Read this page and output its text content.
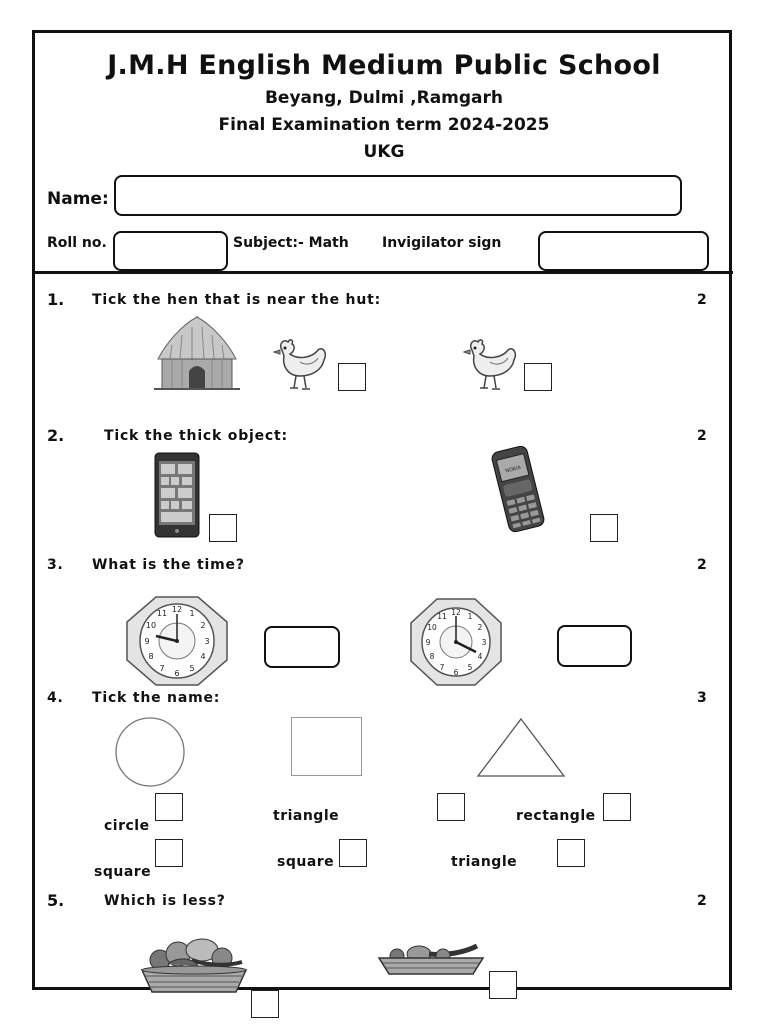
J.M.H English Medium Public School
Beyang, Dulmi ,Ramgarh
Final Examination term 2024-2025
UKG
Name:
Roll no.	Subject:- Math Invigilator sign
1. Tick the hen that is near the hut:	2
2.	Tick the thick object:	2
NOKIA
3. What is the time?	2
12 1
2
3
4
5
6
7
8
9
10
11	12 1
2
3
4
5
6
7
8
9
10
11
4. Tick the name:	3
circle
triangle	rectangle
square
square	triangle
5.	Which is less?	2
